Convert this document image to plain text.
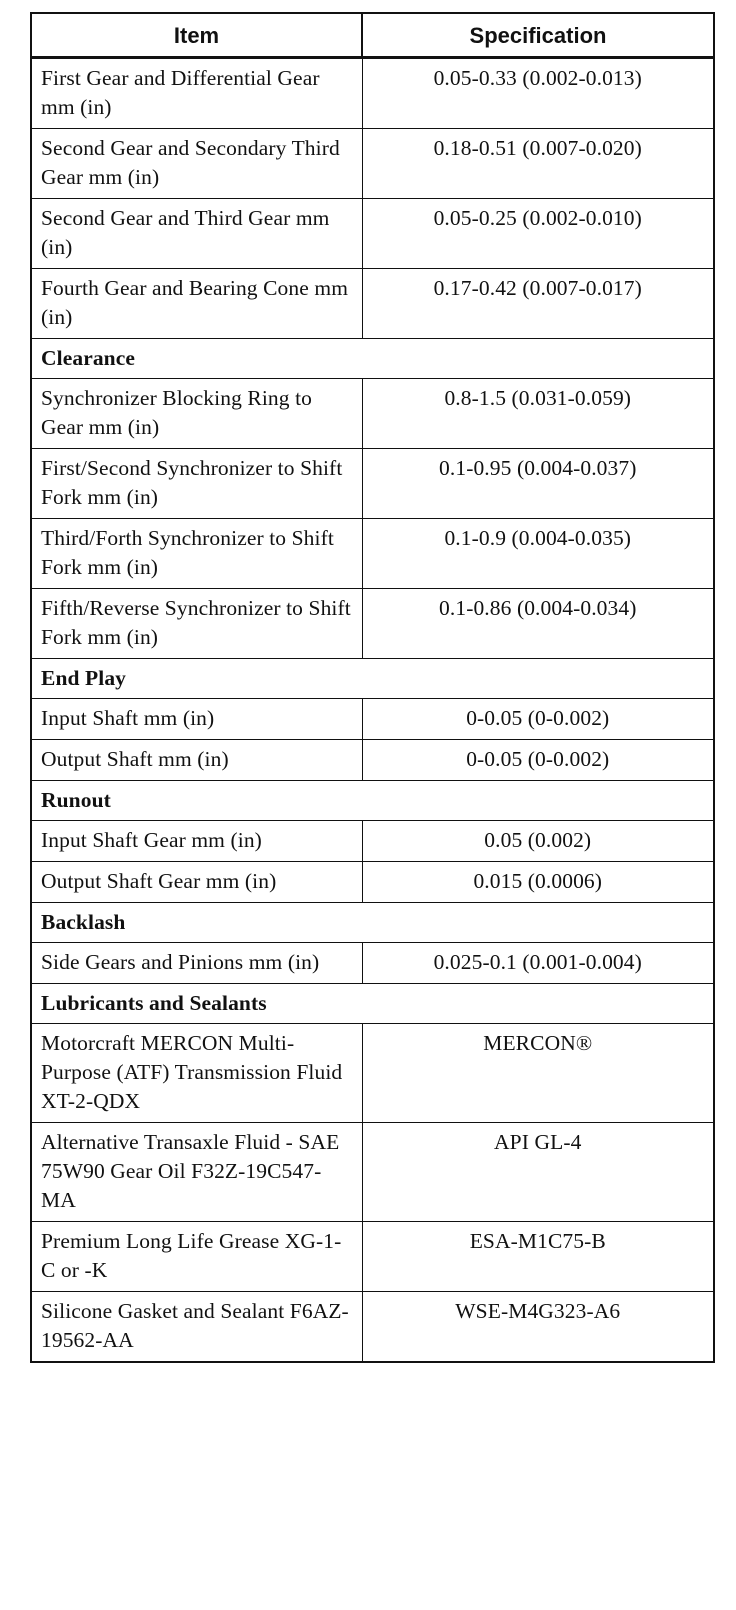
Item	Specification
First Gear and Differential Gear mm (in)	0.05-0.33 (0.002-0.013)
Second Gear and Secondary Third Gear mm (in)	0.18-0.51 (0.007-0.020)
Second Gear and Third Gear mm (in)	0.05-0.25 (0.002-0.010)
Fourth Gear and Bearing Cone mm (in)	0.17-0.42 (0.007-0.017)
Clearance	
Synchronizer Blocking Ring to Gear mm (in)	0.8-1.5 (0.031-0.059)
First/Second Synchronizer to Shift Fork mm (in)	0.1-0.95 (0.004-0.037)
Third/Forth Synchronizer to Shift Fork mm (in)	0.1-0.9 (0.004-0.035)
Fifth/Reverse Synchronizer to Shift Fork mm (in)	0.1-0.86 (0.004-0.034)
End Play	
Input Shaft mm (in)	0-0.05 (0-0.002)
Output Shaft mm (in)	0-0.05 (0-0.002)
Runout	
Input Shaft Gear mm (in)	0.05 (0.002)
Output Shaft Gear mm (in)	0.015 (0.0006)
Backlash	
Side Gears and Pinions mm (in)	0.025-0.1 (0.001-0.004)
Lubricants and Sealants	
Motorcraft MERCON Multi-Purpose (ATF) Transmission Fluid XT-2-QDX	MERCON®
Alternative Transaxle Fluid - SAE 75W90 Gear Oil F32Z-19C547-MA	API GL-4
Premium Long Life Grease XG-1-C or -K	ESA-M1C75-B
Silicone Gasket and Sealant F6AZ-19562-AA	WSE-M4G323-A6
